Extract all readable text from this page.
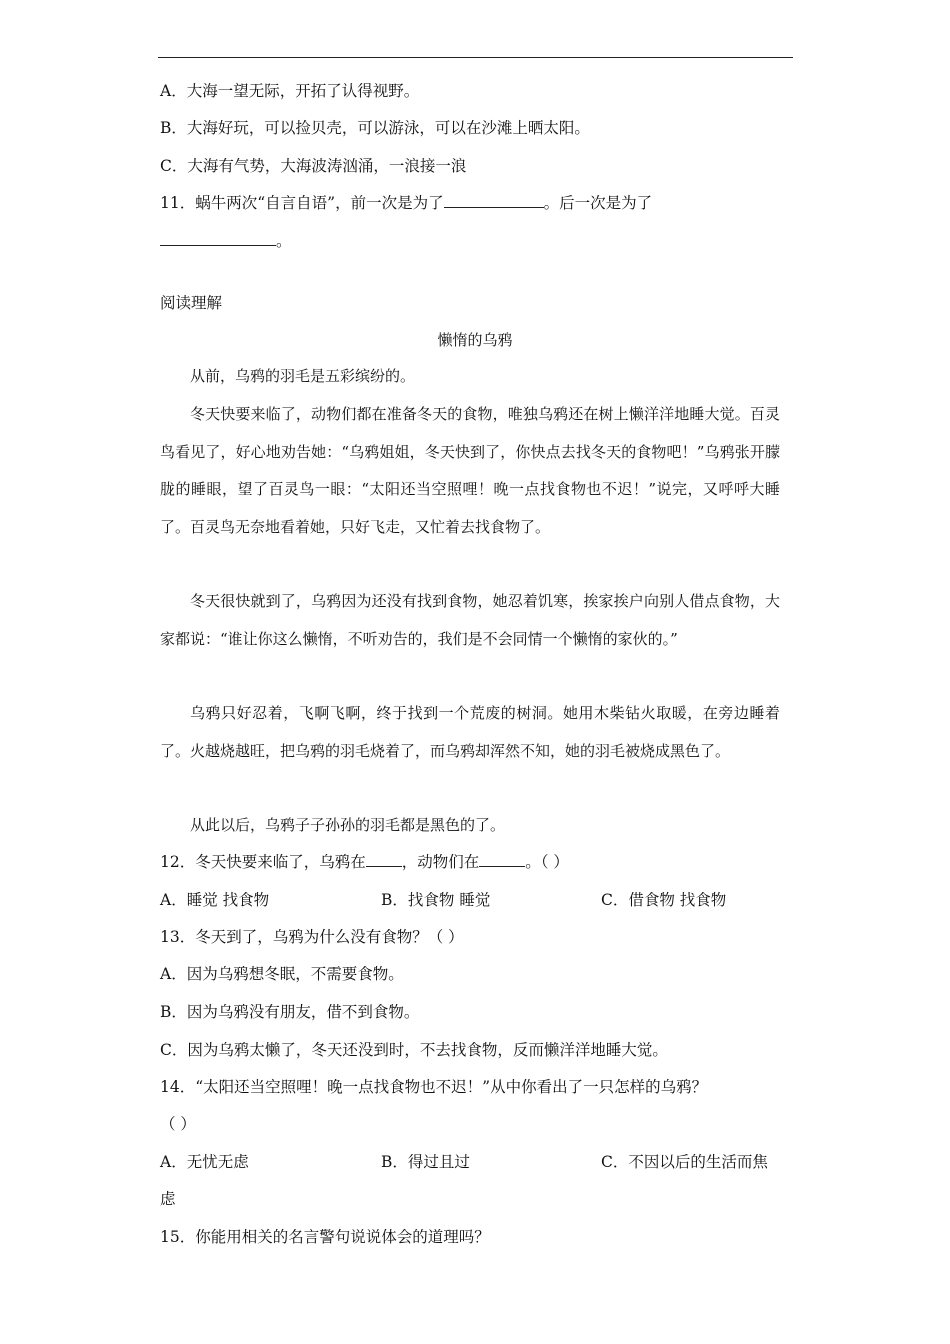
A．大海一望无际，开拓了认得视野。
B．大海好玩，可以捡贝壳，可以游泳，可以在沙滩上晒太阳。
C．大海有气势，大海波涛汹涌，一浪接一浪
11．蜗牛两次“自言自语”，前一次是为了	。后一次是为了
。
阅读理解
懒惰的乌鸦
从前，乌鸦的羽毛是五彩缤纷的。
冬天快要来临了，动物们都在准备冬天的食物，唯独乌鸦还在树上懒洋洋地睡大觉。百灵鸟看见了，好心地劝告她：“乌鸦姐姐，冬天快到了，你快点去找冬天的食物吧！”乌鸦张开朦胧的睡眼，望了百灵鸟一眼：“太阳还当空照哩！晚一点找食物也不迟！”说完，又呼呼大睡了。百灵鸟无奈地看着她，只好飞走，又忙着去找食物了。
冬天很快就到了，乌鸦因为还没有找到食物，她忍着饥寒，挨家挨户向别人借点食物，大家都说：“谁让你这么懒惰，不听劝告的，我们是不会同情一个懒惰的家伙的。”
乌鸦只好忍着，飞啊飞啊，终于找到一个荒废的树洞。她用木柴钻火取暖，在旁边睡着了。火越烧越旺，把乌鸦的羽毛烧着了，而乌鸦却浑然不知，她的羽毛被烧成黑色了。
从此以后，乌鸦子子孙孙的羽毛都是黑色的了。
12．冬天快要来临了，乌鸦在 ，动物们在	。（ ）
A．睡觉 找食物	B．找食物 睡觉	C．借食物 找食物
13．冬天到了，乌鸦为什么没有食物？（ ）
A．因为乌鸦想冬眠，不需要食物。
B．因为乌鸦没有朋友，借不到食物。
C．因为乌鸦太懒了，冬天还没到时，不去找食物，反而懒洋洋地睡大觉。
14．“太阳还当空照哩！晚一点找食物也不迟！”从中你看出了一只怎样的乌鸦？
（ ）
A．无忧无虑	B．得过且过	C．不因以后的生活而焦
虑
15．你能用相关的名言警句说说体会的道理吗？
